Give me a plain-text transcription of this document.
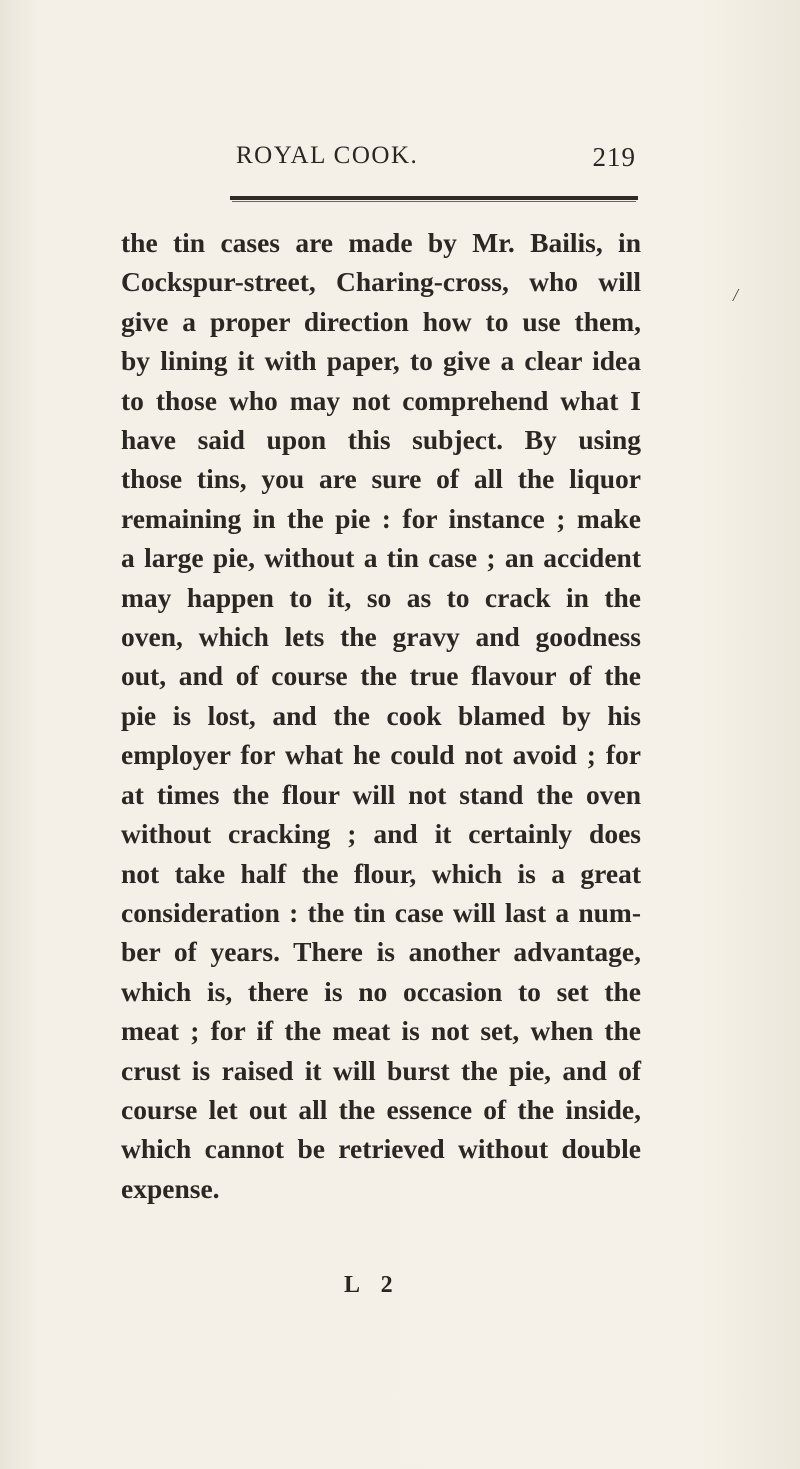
ROYAL COOK.	219
/
the tin cases are made by Mr. Bailis, in
Cockspur-street, Charing-cross, who will
give a proper direction how to use them,
by lining it with paper, to give a clear idea
to those who may not comprehend what I
have said upon this subject. By using
those tins, you are sure of all the liquor
remaining in the pie : for instance ; make
a large pie, without a tin case ; an accident
may happen to it, so as to crack in the
oven, which lets the gravy and goodness
out, and of course the true flavour of the
pie is lost, and the cook blamed by his
employer for what he could not avoid ; for
at times the flour will not stand the oven
without cracking ; and it certainly does
not take half the flour, which is a great
consideration : the tin case will last a num-
ber of years. There is another advantage,
which is, there is no occasion to set the
meat ; for if the meat is not set, when the
crust is raised it will burst the pie, and of
course let out all the essence of the inside,
which cannot be retrieved without double
expense.
L 2
